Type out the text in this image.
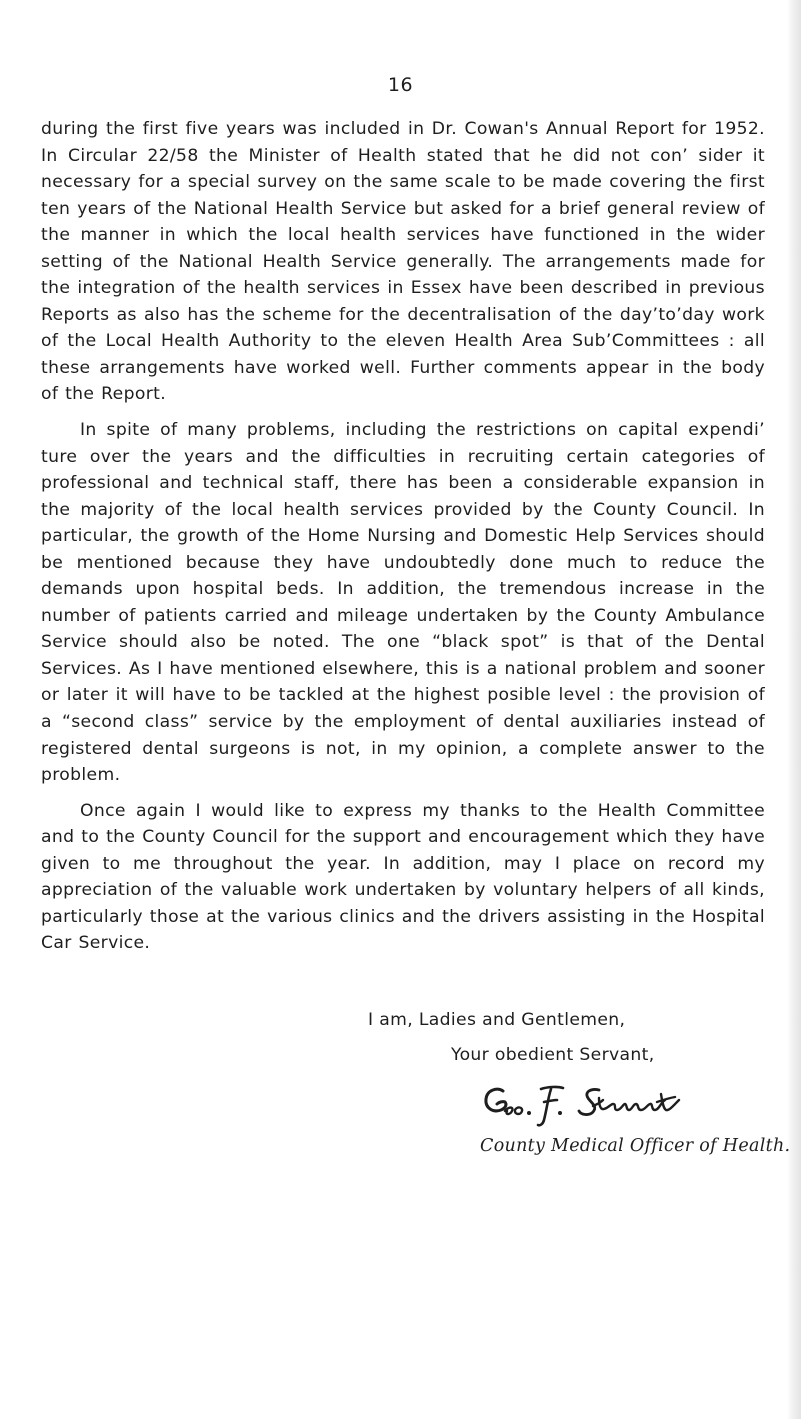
16

during the first five years was included in Dr. Cowan's Annual Report for 1952. In Circular 22/58 the Minister of Health stated that he did not con’ sider it necessary for a special survey on the same scale to be made covering the first ten years of the National Health Service but asked for a brief general review of the manner in which the local health services have functioned in the wider setting of the National Health Service generally. The arrangements made for the integration of the health services in Essex have been described in previous Reports as also has the scheme for the decentralisation of the day’to’day work of the Local Health Authority to the eleven Health Area Sub’Committees : all these arrangements have worked well. Further comments appear in the body of the Report.

In spite of many problems, including the restrictions on capital expendi’ ture over the years and the difficulties in recruiting certain categories of professional and technical staff, there has been a considerable expansion in the majority of the local health services provided by the County Council. In particular, the growth of the Home Nursing and Domestic Help Services should be mentioned because they have undoubtedly done much to reduce the demands upon hospital beds. In addition, the tremendous increase in the number of patients carried and mileage undertaken by the County Ambulance Service should also be noted. The one “black spot” is that of the Dental Services. As I have mentioned elsewhere, this is a national problem and sooner or later it will have to be tackled at the highest posible level : the provision of a “second class” service by the employment of dental auxiliaries instead of registered dental surgeons is not, in my opinion, a complete answer to the problem.

Once again I would like to express my thanks to the Health Committee and to the County Council for the support and encouragement which they have given to me throughout the year. In addition, may I place on record my appreciation of the valuable work undertaken by voluntary helpers of all kinds, particularly those at the various clinics and the drivers assisting in the Hospital Car Service.

I am, Ladies and Gentlemen,
Your obedient Servant,
County Medical Officer of Health.
